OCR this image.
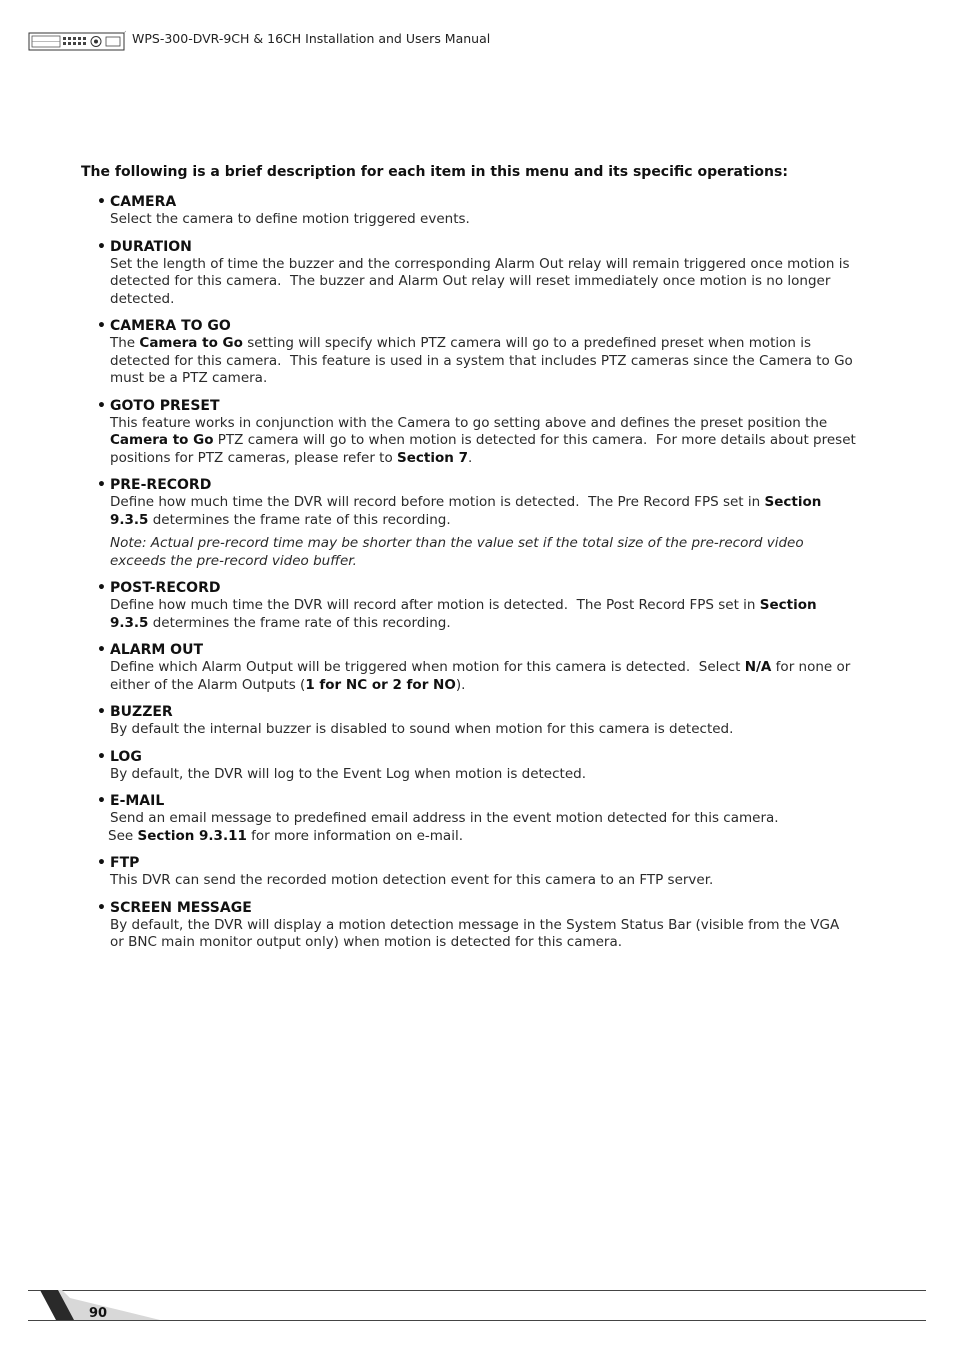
WPS-300-DVR-9CH & 16CH Installation and Users Manual
The following is a brief description for each item in this menu and its specific operations:
• CAMERA
Select the camera to define motion triggered events.
• DURATION
Set the length of time the buzzer and the corresponding Alarm Out relay will remain triggered once motion is detected for this camera.  The buzzer and Alarm Out relay will reset immediately once motion is no longer detected.
• CAMERA TO GO
The Camera to Go setting will specify which PTZ camera will go to a predefined preset when motion is detected for this camera.  This feature is used in a system that includes PTZ cameras since the Camera to Go must be a PTZ camera.
• GOTO PRESET
This feature works in conjunction with the Camera to go setting above and defines the preset position the Camera to Go PTZ camera will go to when motion is detected for this camera.  For more details about preset positions for PTZ cameras, please refer to Section 7.
• PRE-RECORD
Define how much time the DVR will record before motion is detected.  The Pre Record FPS set in Section 9.3.5 determines the frame rate of this recording.
Note: Actual pre-record time may be shorter than the value set if the total size of the pre-record video exceeds the pre-record video buffer.
• POST-RECORD
Define how much time the DVR will record after motion is detected.  The Post Record FPS set in Section 9.3.5 determines the frame rate of this recording.
• ALARM OUT
Define which Alarm Output will be triggered when motion for this camera is detected.  Select N/A for none or either of the Alarm Outputs (1 for NC or 2 for NO).
• BUZZER
By default the internal buzzer is disabled to sound when motion for this camera is detected.
• LOG
By default, the DVR will log to the Event Log when motion is detected.
• E-MAIL
Send an email message to predefined email address in the event motion detected for this camera.
See Section 9.3.11 for more information on e-mail.
• FTP
This DVR can send the recorded motion detection event for this camera to an FTP server.
• SCREEN MESSAGE
By default, the DVR will display a motion detection message in the System Status Bar (visible from the VGA or BNC main monitor output only) when motion is detected for this camera.
90
